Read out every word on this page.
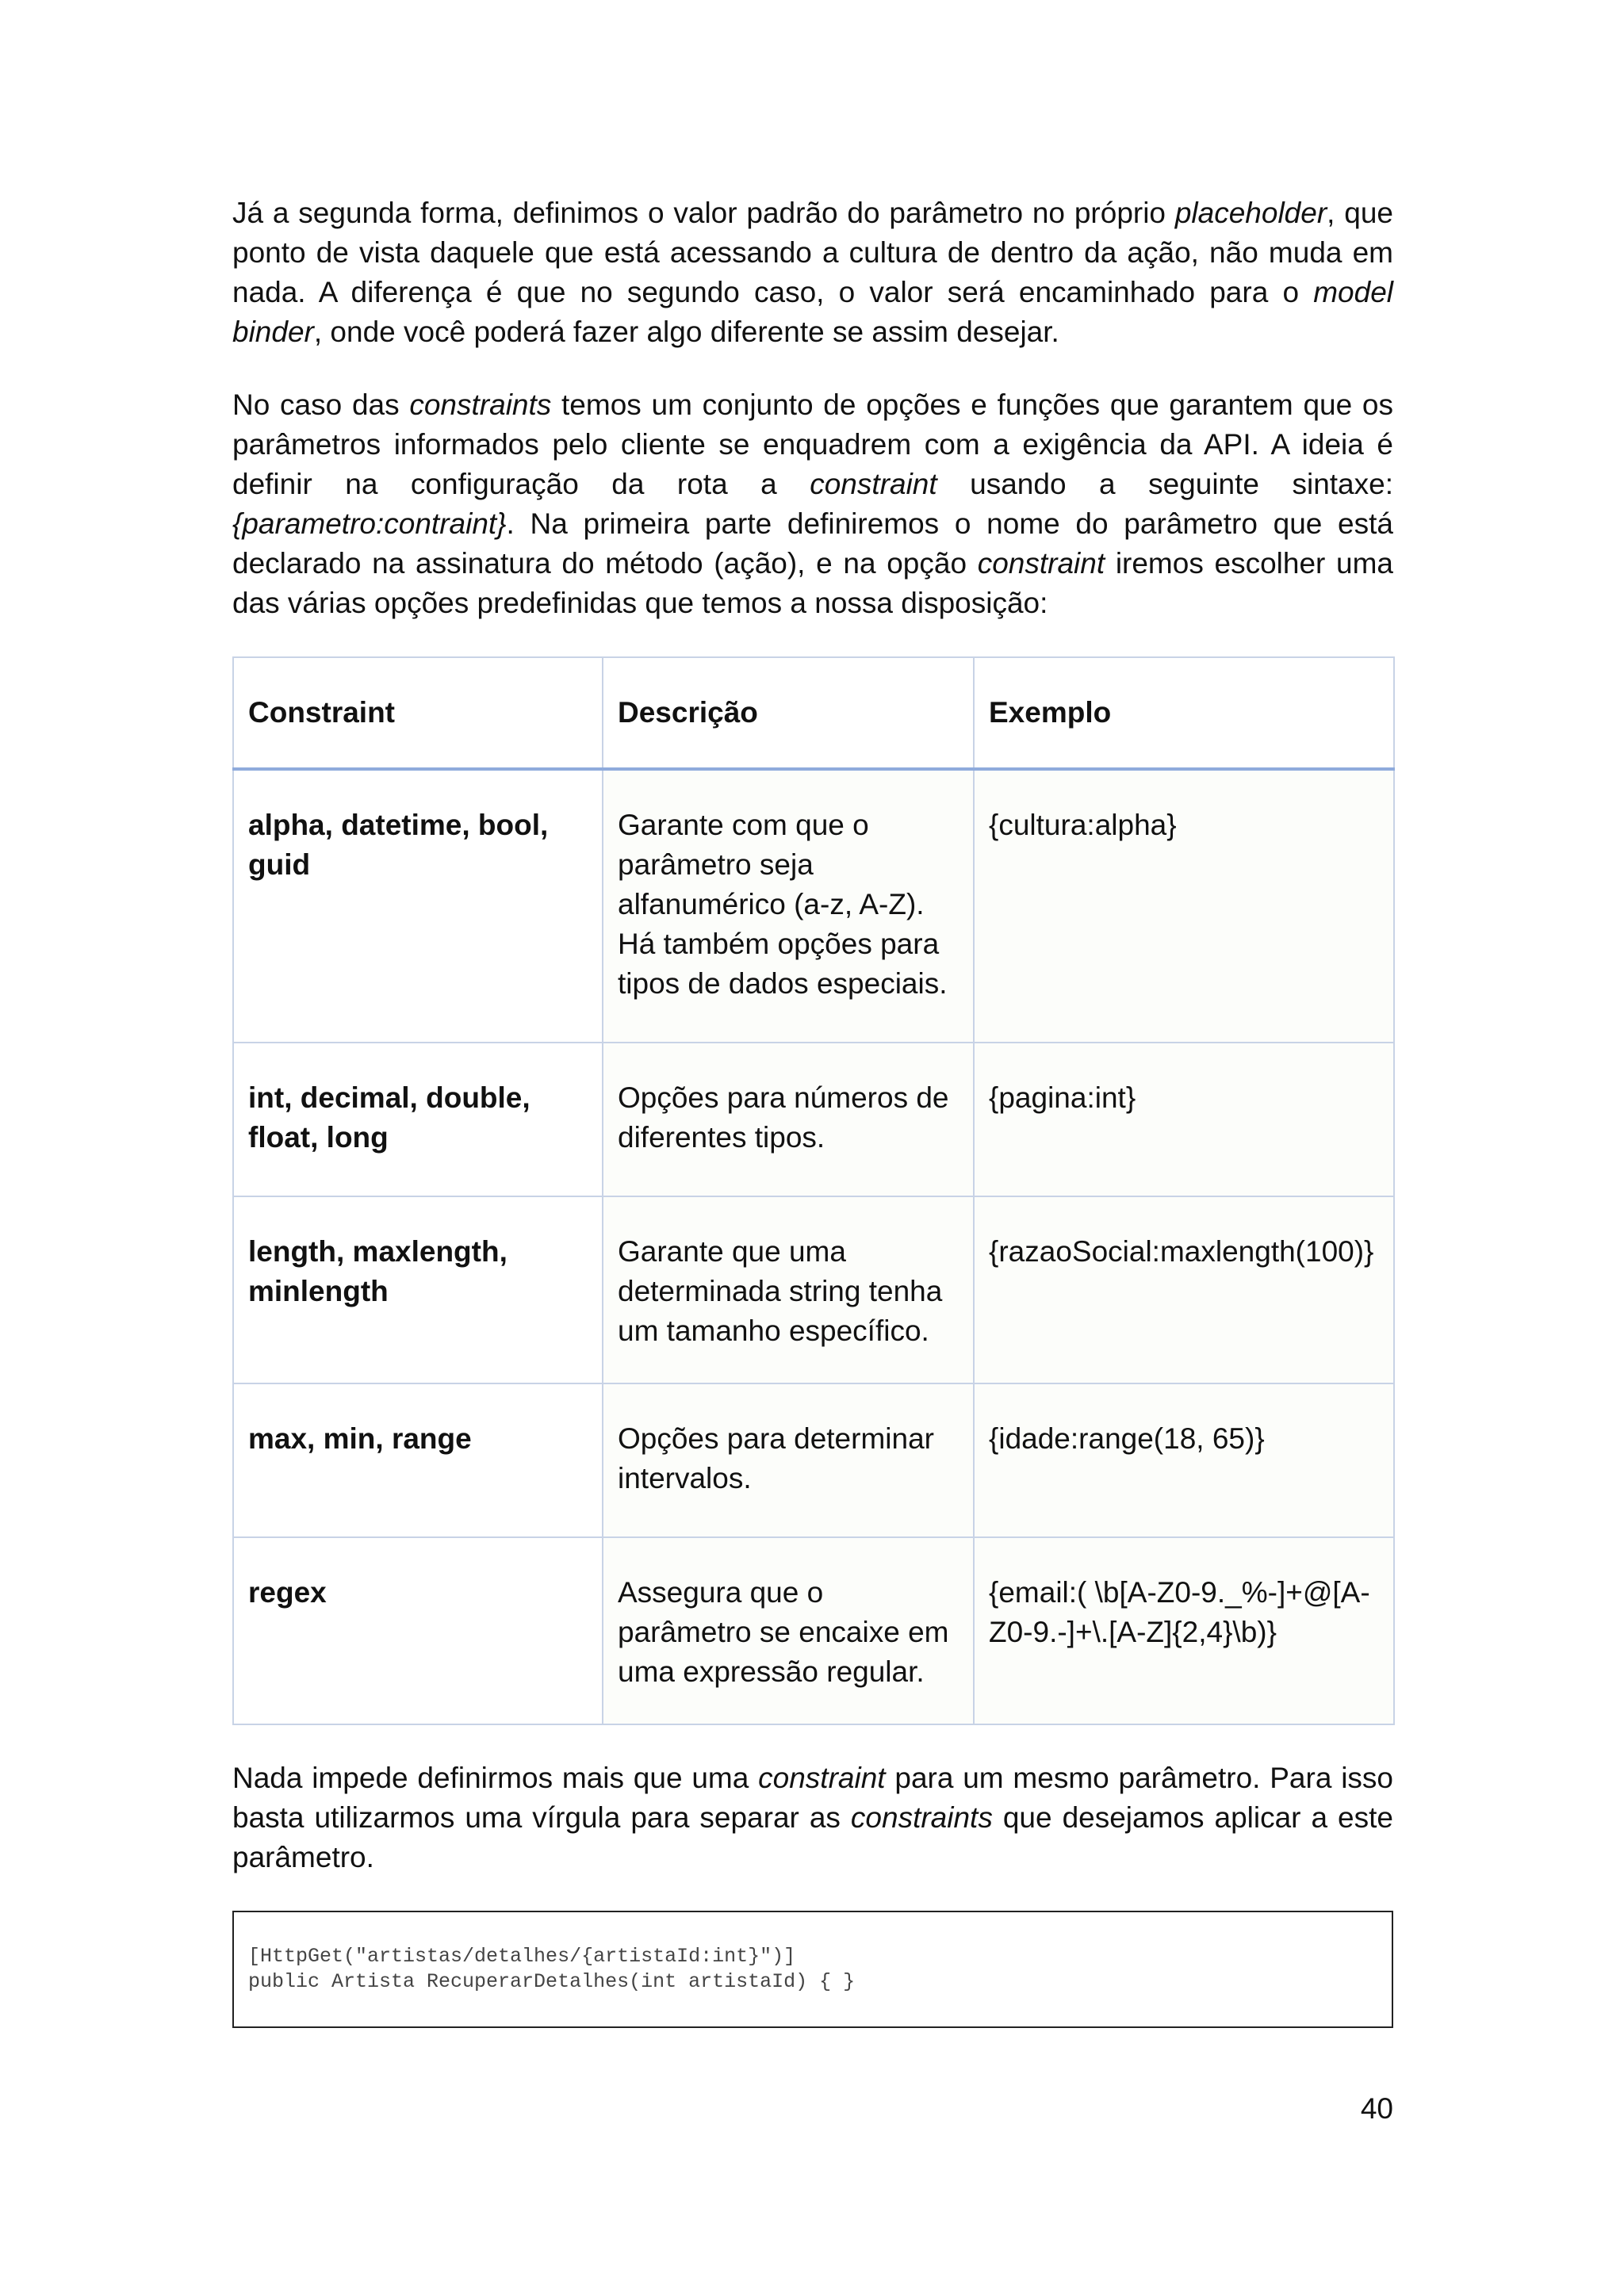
Já a segunda forma, definimos o valor padrão do parâmetro no próprio placeholder, que ponto de vista daquele que está acessando a cultura de dentro da ação, não muda em nada. A diferença é que no segundo caso, o valor será encaminhado para o model binder, onde você poderá fazer algo diferente se assim desejar.

No caso das constraints temos um conjunto de opções e funções que garantem que os parâmetros informados pelo cliente se enquadrem com a exigência da API. A ideia é definir na configuração da rota a constraint usando a seguinte sintaxe: {parametro:contraint}. Na primeira parte definiremos o nome do parâmetro que está declarado na assinatura do método (ação), e na opção constraint iremos escolher uma das várias opções predefinidas que temos a nossa disposição:

Constraint	Descrição	Exemplo
alpha, datetime, bool, guid	Garante com que o parâmetro seja alfanumérico (a-z, A-Z). Há também opções para tipos de dados especiais.	{cultura:alpha}
int, decimal, double, float, long	Opções para números de diferentes tipos.	{pagina:int}
length, maxlength, minlength	Garante que uma determinada string tenha um tamanho específico.	{razaoSocial:maxlength(100)}
max, min, range	Opções para determinar intervalos.	{idade:range(18, 65)}
regex	Assegura que o parâmetro se encaixe em uma expressão regular.	{email:( \b[A-Z0-9._%-]+@[A-Z0-9.-]+\.[A-Z]{2,4}\b)}

Nada impede definirmos mais que uma constraint para um mesmo parâmetro. Para isso basta utilizarmos uma vírgula para separar as constraints que desejamos aplicar a este parâmetro.

[HttpGet("artistas/detalhes/{artistaId:int}")]
public Artista RecuperarDetalhes(int artistaId) { }
40
